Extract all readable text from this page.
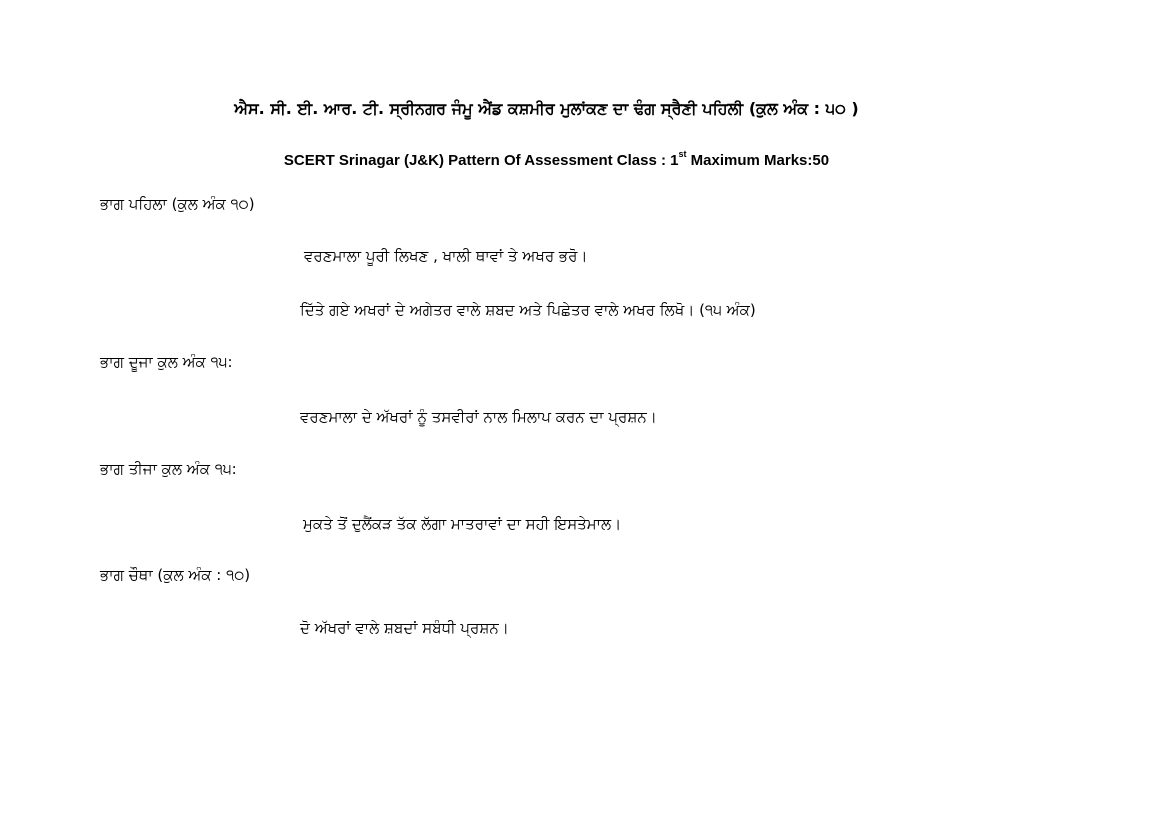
ਐਸ. ਸੀ. ਈ. ਆਰ. ਟੀ. ਸ੍ਰੀਨਗਰ ਜੰਮੂ ਐਂਡ ਕਸ਼ਮੀਰ ਮੁਲਾਂਕਣ ਦਾ ਢੰਗ ਸ੍ਰੈਣੀ ਪਹਿਲੀ (ਕੁਲ ਅੰਕ : ੫੦ )
SCERT Srinagar (J&K) Pattern Of Assessment Class : 1st Maximum Marks:50
ਭਾਗ ਪਹਿਲਾ (ਕੁਲ ਅੰਕ ੧੦)
ਵਰਣਮਾਲਾ ਪੂਰੀ ਲਿਖਣ , ਖਾਲੀ ਥਾਵਾਂ ਤੇ ਅਖਰ ਭਰੋ।
ਦਿੱਤੇ ਗਏ ਅਖਰਾਂ ਦੇ ਅਗੇਤਰ ਵਾਲੇ ਸ਼ਬਦ ਅਤੇ ਪਿਛੇਤਰ ਵਾਲੇ ਅਖਰ ਲਿਖੋ। (੧੫ ਅੰਕ)
ਭਾਗ ਦੂਜਾ ਕੁਲ ਅੰਕ ੧੫:
ਵਰਣਮਾਲਾ ਦੇ ਅੱਖਰਾਂ ਨੂੰ ਤਸਵੀਰਾਂ ਨਾਲ ਮਿਲਾਪ ਕਰਨ ਦਾ ਪ੍ਰਸ਼ਨ।
ਭਾਗ ਤੀਜਾ ਕੁਲ ਅੰਕ ੧੫:
ਮੁਕਤੇ ਤੋਂ ਦੁਲੈਂਕੜ ਤੱਕ ਲੱਗਾ ਮਾਤਰਾਵਾਂ ਦਾ ਸਹੀ ਇਸਤੇਮਾਲ।
ਭਾਗ ਚੌਥਾ (ਕੁਲ ਅੰਕ : ੧੦)
ਦੋ ਅੱਖਰਾਂ ਵਾਲੇ ਸ਼ਬਦਾਂ ਸਬੰਧੀ ਪ੍ਰਸ਼ਨ।
